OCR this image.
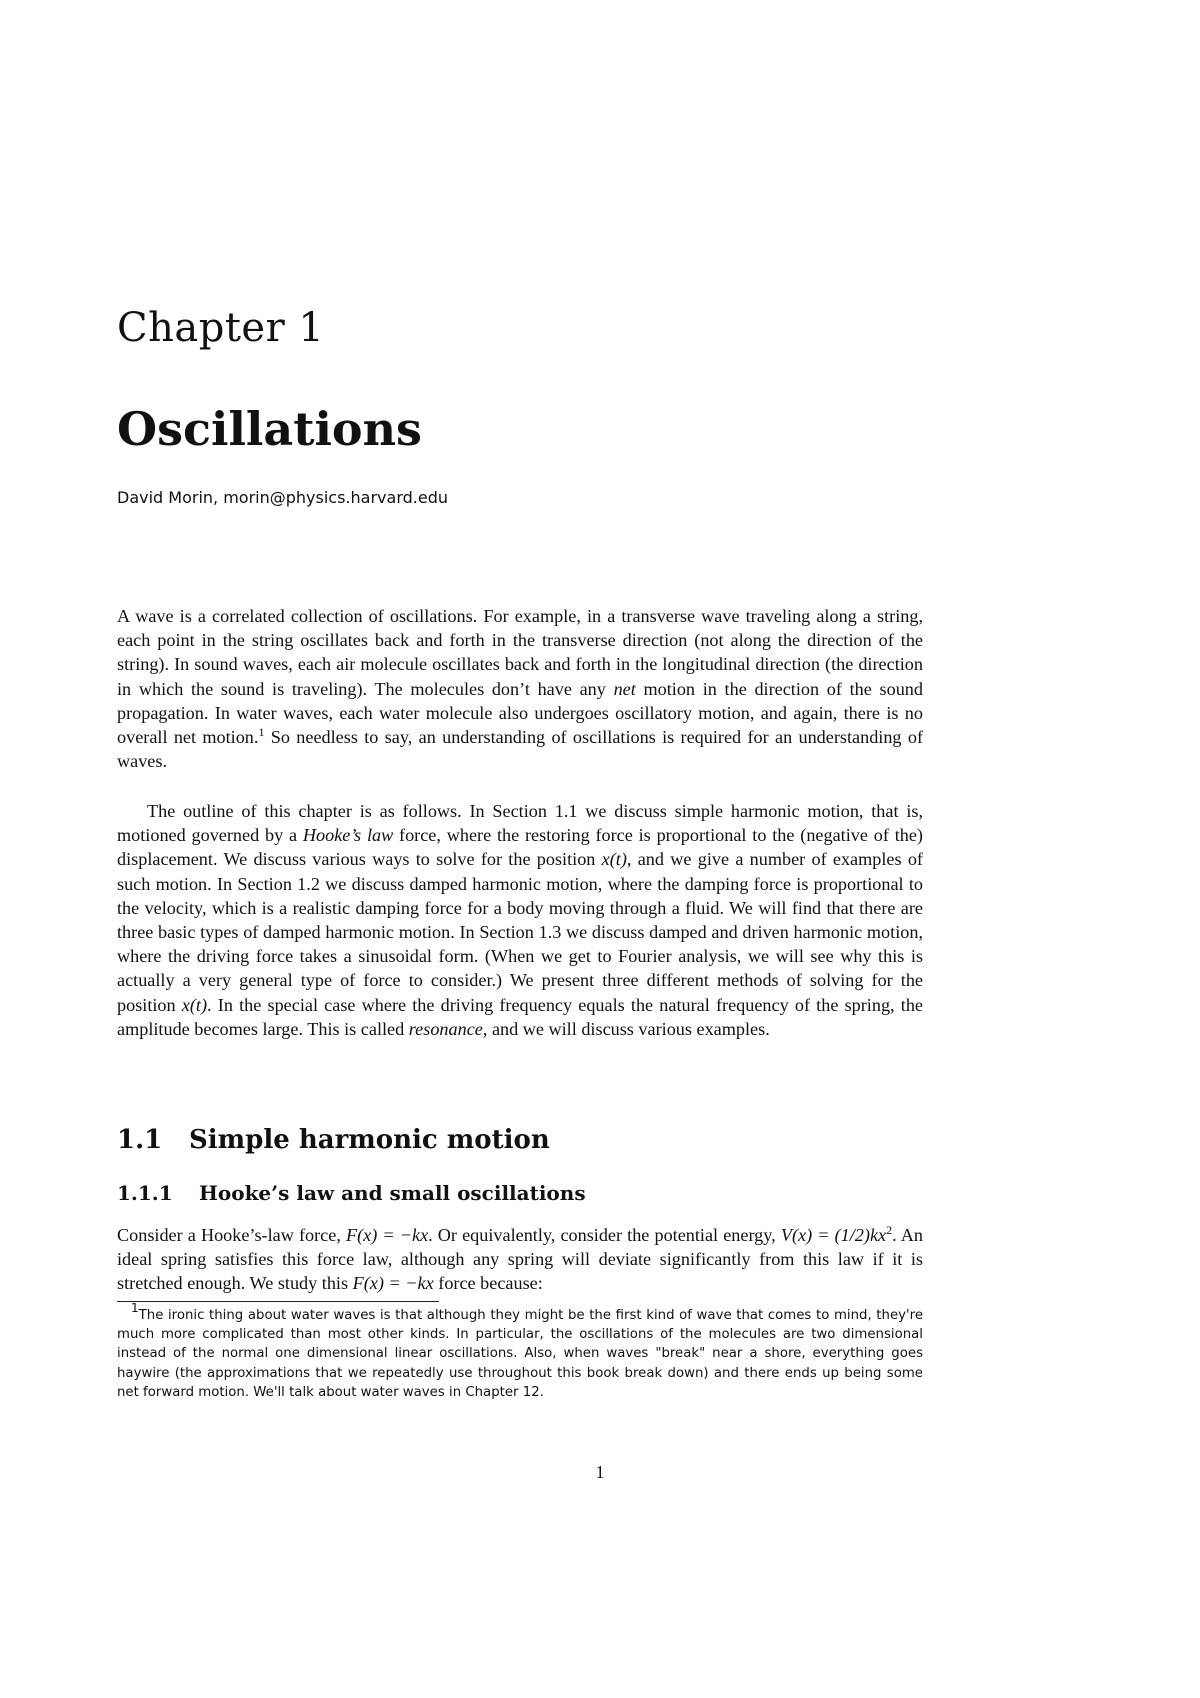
Chapter 1
Oscillations
David Morin, morin@physics.harvard.edu

A wave is a correlated collection of oscillations. For example, in a transverse wave traveling along a string, each point in the string oscillates back and forth in the transverse direction (not along the direction of the string). In sound waves, each air molecule oscillates back and forth in the longitudinal direction (the direction in which the sound is traveling). The molecules don’t have any net motion in the direction of the sound propagation. In water waves, each water molecule also undergoes oscillatory motion, and again, there is no overall net motion.$^1$ So needless to say, an understanding of oscillations is required for an understanding of waves.

The outline of this chapter is as follows. In Section 1.1 we discuss simple harmonic motion, that is, motioned governed by a Hooke’s law force, where the restoring force is proportional to the (negative of the) displacement. We discuss various ways to solve for the position x(t), and we give a number of examples of such motion. In Section 1.2 we discuss damped harmonic motion, where the damping force is proportional to the velocity, which is a realistic damping force for a body moving through a fluid. We will find that there are three basic types of damped harmonic motion. In Section 1.3 we discuss damped and driven harmonic motion, where the driving force takes a sinusoidal form. (When we get to Fourier analysis, we will see why this is actually a very general type of force to consider.) We present three different methods of solving for the position x(t). In the special case where the driving frequency equals the natural frequency of the spring, the amplitude becomes large. This is called resonance, and we will discuss various examples.

1.1 Simple harmonic motion
1.1.1 Hooke’s law and small oscillations

Consider a Hooke’s-law force, F(x) = −kx. Or equivalently, consider the potential energy, $V(x) = (1/2)kx^2$. An ideal spring satisfies this force law, although any spring will deviate significantly from this law if it is stretched enough. We study this F(x) = −kx force because:

$^1$The ironic thing about water waves is that although they might be the first kind of wave that comes to mind, they're much more complicated than most other kinds. In particular, the oscillations of the molecules are two dimensional instead of the normal one dimensional linear oscillations. Also, when waves "break" near a shore, everything goes haywire (the approximations that we repeatedly use throughout this book break down) and there ends up being some net forward motion. We'll talk about water waves in Chapter 12.

1
